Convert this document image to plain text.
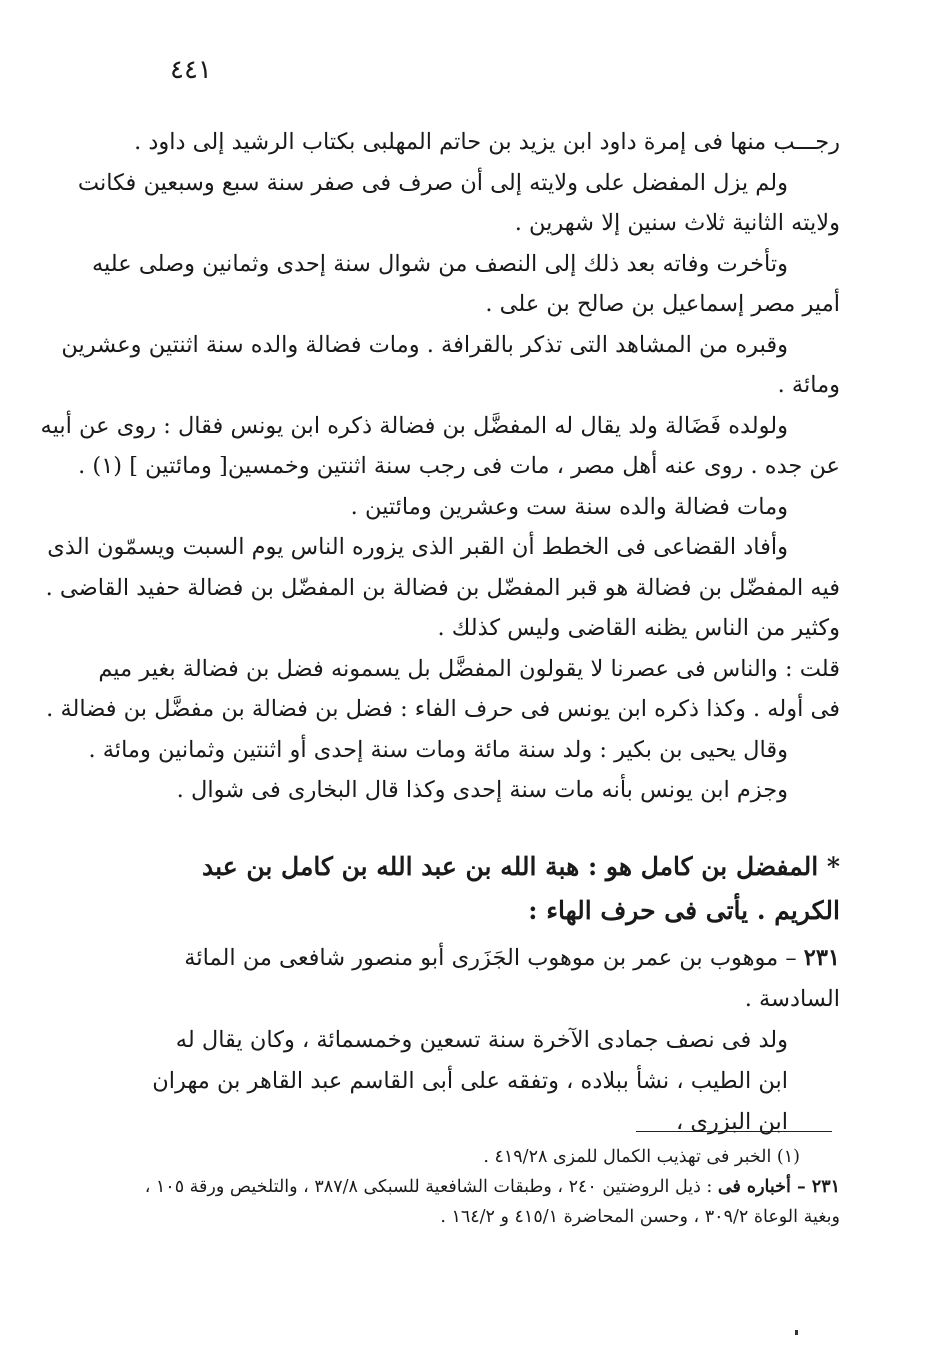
٤٤١
رجـــب منها فى إمرة داود ابن يزيد بن حاتم المهلبى بكتاب الرشيد إلى داود .
ولم يزل المفضل على ولايته إلى أن صرف فى صفر سنة سبع وسبعين فكانت
ولايته الثانية ثلاث سنين إلا شهرين .
وتأخرت وفاته بعد ذلك إلى النصف من شوال سنة إحدى وثمانين وصلى عليه
أمير مصر إسماعيل بن صالح بن على .
وقبره من المشاهد التى تذكر بالقرافة . ومات فضالة والده سنة اثنتين وعشرين
ومائة .
ولولده فَضَالة ولد يقال له المفضَّل بن فضالة ذكره ابن يونس فقال : روى عن أبيه
عن جده . روى عنه أهل مصر ، مات فى رجب سنة اثنتين وخمسين[ ومائتين ] (١) .
ومات فضالة والده سنة ست وعشرين ومائتين .
وأفاد القضاعى فى الخطط أن القبر الذى يزوره الناس يوم السبت ويسمّون الذى
فيه المفضّل بن فضالة هو قبر المفضّل بن فضالة بن المفضّل بن فضالة حفيد القاضى .
وكثير من الناس يظنه القاضى وليس كذلك .
قلت : والناس فى عصرنا لا يقولون المفضَّل بل يسمونه فضل بن فضالة بغير ميم
فى أوله . وكذا ذكره ابن يونس فى حرف الفاء : فضل بن فضالة بن مفضَّل بن فضالة .
وقال يحيى بن بكير : ولد سنة مائة ومات سنة إحدى أو اثنتين وثمانين ومائة .
وجزم ابن يونس بأنه مات سنة إحدى وكذا قال البخارى فى شوال .
* المفضل بن كامل هو : هبة الله بن عبد الله بن كامل بن عبد الكريم . يأتى فى حرف الهاء :
٢٣١ – موهوب بن عمر بن موهوب الجَزَرى أبو منصور شافعى من المائة السادسة .
ولد فى نصف جمادى الآخرة سنة تسعين وخمسمائة ، وكان يقال له ابن الطيب ، نشأ ببلاده ، وتفقه على أبى القاسم عبد القاهر بن مهران ابن البزرى ،
(١) الخبر فى تهذيب الكمال للمزى ٤١٩/٢٨ .
٢٣١ – أخباره فى : ذيل الروضتين ٢٤٠ ، وطبقات الشافعية للسبكى ٣٨٧/٨ ، والتلخيص ورقة ١٠٥ ، وبغية الوعاة ٣٠٩/٢ ، وحسن المحاضرة ٤١٥/١ و ١٦٤/٢ .
